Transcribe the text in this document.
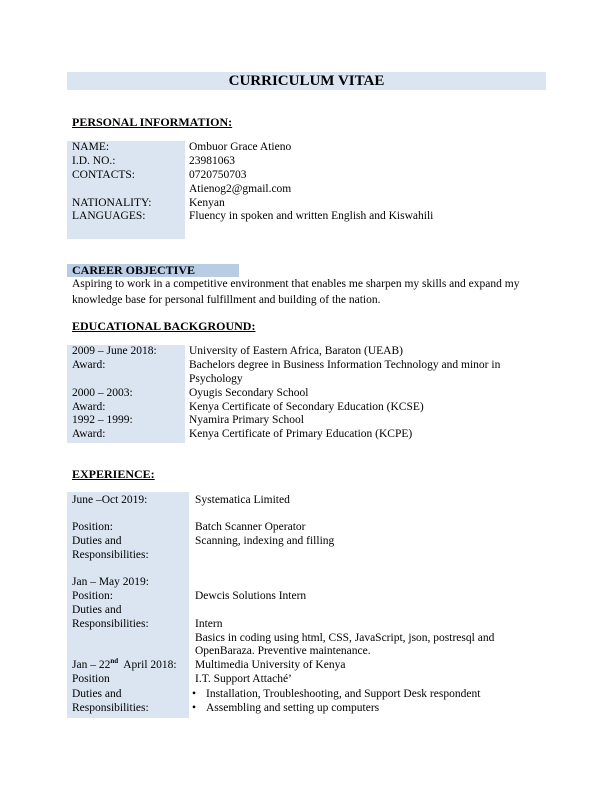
CURRICULUM VITAE
PERSONAL INFORMATION:
NAME:	Ombuor Grace Atieno
I.D. NO.:	23981063
CONTACTS:	0720750703
Atienog2@gmail.com
NATIONALITY:	Kenyan
LANGUAGES:	Fluency in spoken and written English and Kiswahili
CAREER OBJECTIVE
Aspiring to work in a competitive environment that enables me sharpen my skills and expand my
knowledge base for personal fulfillment and building of the nation.
EDUCATIONAL BACKGROUND:
2009 – June 2018:	University of Eastern Africa, Baraton (UEAB)
Award:	Bachelors degree in Business Information Technology and minor in
Psychology
2000 – 2003:	Oyugis Secondary School
Award:	Kenya Certificate of Secondary Education (KCSE)
1992 – 1999:	Nyamira Primary School
Award:	Kenya Certificate of Primary Education (KCPE)
EXPERIENCE:
June –Oct 2019:	Systematica Limited
Position:	Batch Scanner Operator
Duties and	Scanning, indexing and filling
Responsibilities:
Jan – May 2019:
Position:	Dewcis Solutions Intern
Duties and
Responsibilities:	Intern
Basics in coding using html, CSS, JavaScript, json, postresql and
OpenBaraza. Preventive maintenance.
Jan – 22nd  April 2018: Multimedia University of Kenya
Position	I.T. Support Attaché’
Duties and	• Installation, Troubleshooting, and Support Desk respondent
Responsibilities:	• Assembling and setting up computers
